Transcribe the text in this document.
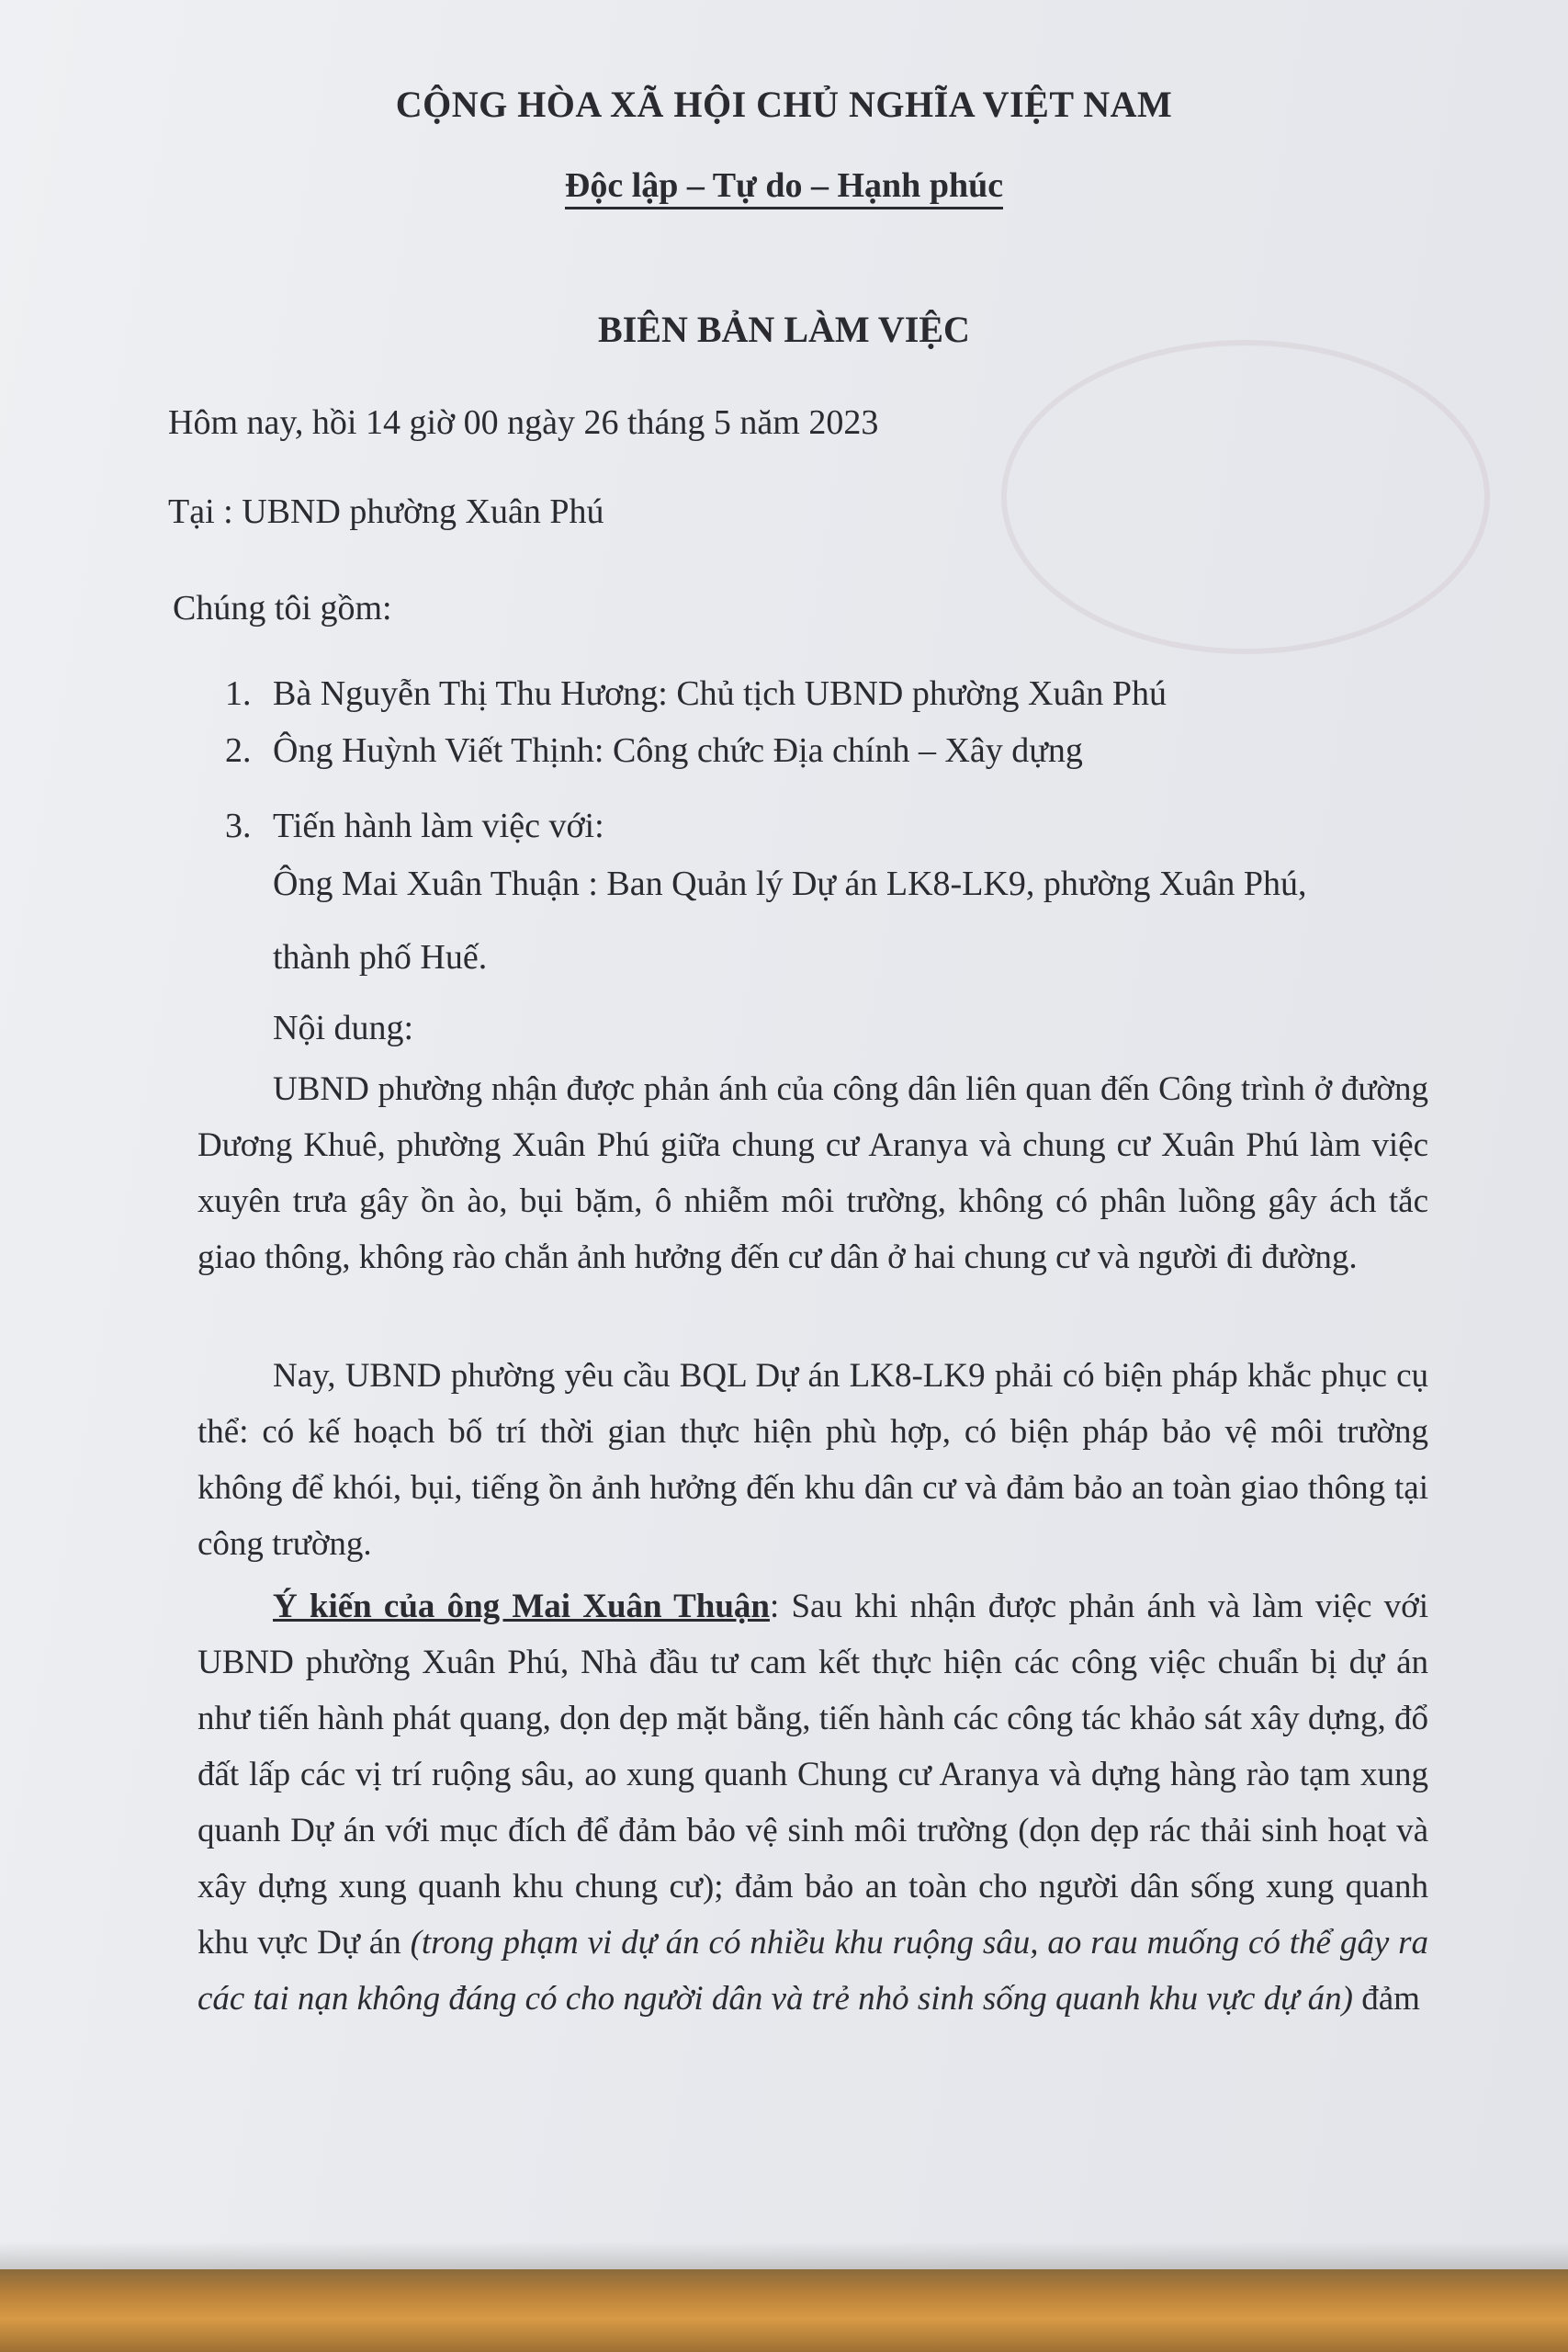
CỘNG HÒA XÃ HỘI CHỦ NGHĨA VIỆT NAM
Độc lập – Tự do – Hạnh phúc
BIÊN BẢN LÀM VIỆC
Hôm nay, hồi 14 giờ 00 ngày 26 tháng 5 năm 2023
Tại : UBND phường Xuân Phú
Chúng tôi gồm:
1. Bà Nguyễn Thị Thu Hương: Chủ tịch UBND phường Xuân Phú
2. Ông Huỳnh Viết Thịnh: Công chức Địa chính – Xây dựng
3. Tiến hành làm việc với:
Ông Mai Xuân Thuận : Ban Quản lý Dự án LK8-LK9, phường Xuân Phú,
thành phố Huế.
Nội dung:
UBND phường nhận được phản ánh của công dân liên quan đến Công trình ở đường Dương Khuê, phường Xuân Phú giữa chung cư Aranya và chung cư Xuân Phú làm việc xuyên trưa gây ồn ào, bụi bặm, ô nhiễm môi trường, không có phân luồng gây ách tắc giao thông, không rào chắn ảnh hưởng đến cư dân ở hai chung cư và người đi đường.
Nay, UBND phường yêu cầu BQL Dự án LK8-LK9 phải có biện pháp khắc phục cụ thể: có kế hoạch bố trí thời gian thực hiện phù hợp, có biện pháp bảo vệ môi trường không để khói, bụi, tiếng ồn ảnh hưởng đến khu dân cư và đảm bảo an toàn giao thông tại công trường.
Ý kiến của ông Mai Xuân Thuận: Sau khi nhận được phản ánh và làm việc với UBND phường Xuân Phú, Nhà đầu tư cam kết thực hiện các công việc chuẩn bị dự án như tiến hành phát quang, dọn dẹp mặt bằng, tiến hành các công tác khảo sát xây dựng, đổ đất lấp các vị trí ruộng sâu, ao xung quanh Chung cư Aranya và dựng hàng rào tạm xung quanh Dự án với mục đích để đảm bảo vệ sinh môi trường (dọn dẹp rác thải sinh hoạt và xây dựng xung quanh khu chung cư); đảm bảo an toàn cho người dân sống xung quanh khu vực Dự án (trong phạm vi dự án có nhiều khu ruộng sâu, ao rau muống có thể gây ra các tai nạn không đáng có cho người dân và trẻ nhỏ sinh sống quanh khu vực dự án) đảm
